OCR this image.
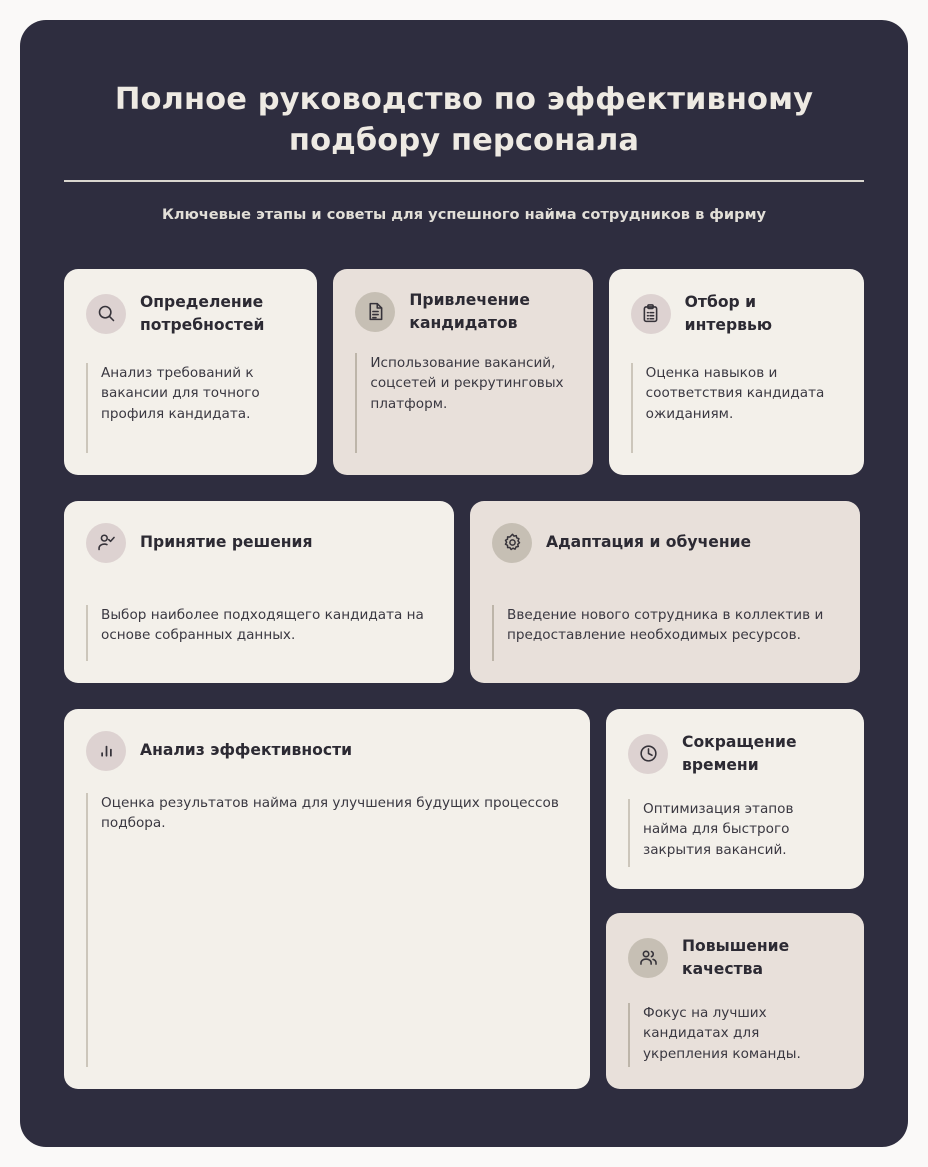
Полное руководство по эффективному подбору персонала

Ключевые этапы и советы для успешного найма сотрудников в фирму

Определение потребностей
Анализ требований к вакансии для точного профиля кандидата.
Привлечение кандидатов
Использование вакансий, соцсетей и рекрутинговых платформ.
Отбор и интервью
Оценка навыков и соответствия кандидата ожиданиям.
Принятие решения
Выбор наиболее подходящего кандидата на основе собранных данных.
Адаптация и обучение
Введение нового сотрудника в коллектив и предоставление необходимых ресурсов.
Анализ эффективности
Оценка результатов найма для улучшения будущих процессов подбора.
Сокращение времени
Оптимизация этапов найма для быстрого закрытия вакансий.
Повышение качества
Фокус на лучших кандидатах для укрепления команды.
